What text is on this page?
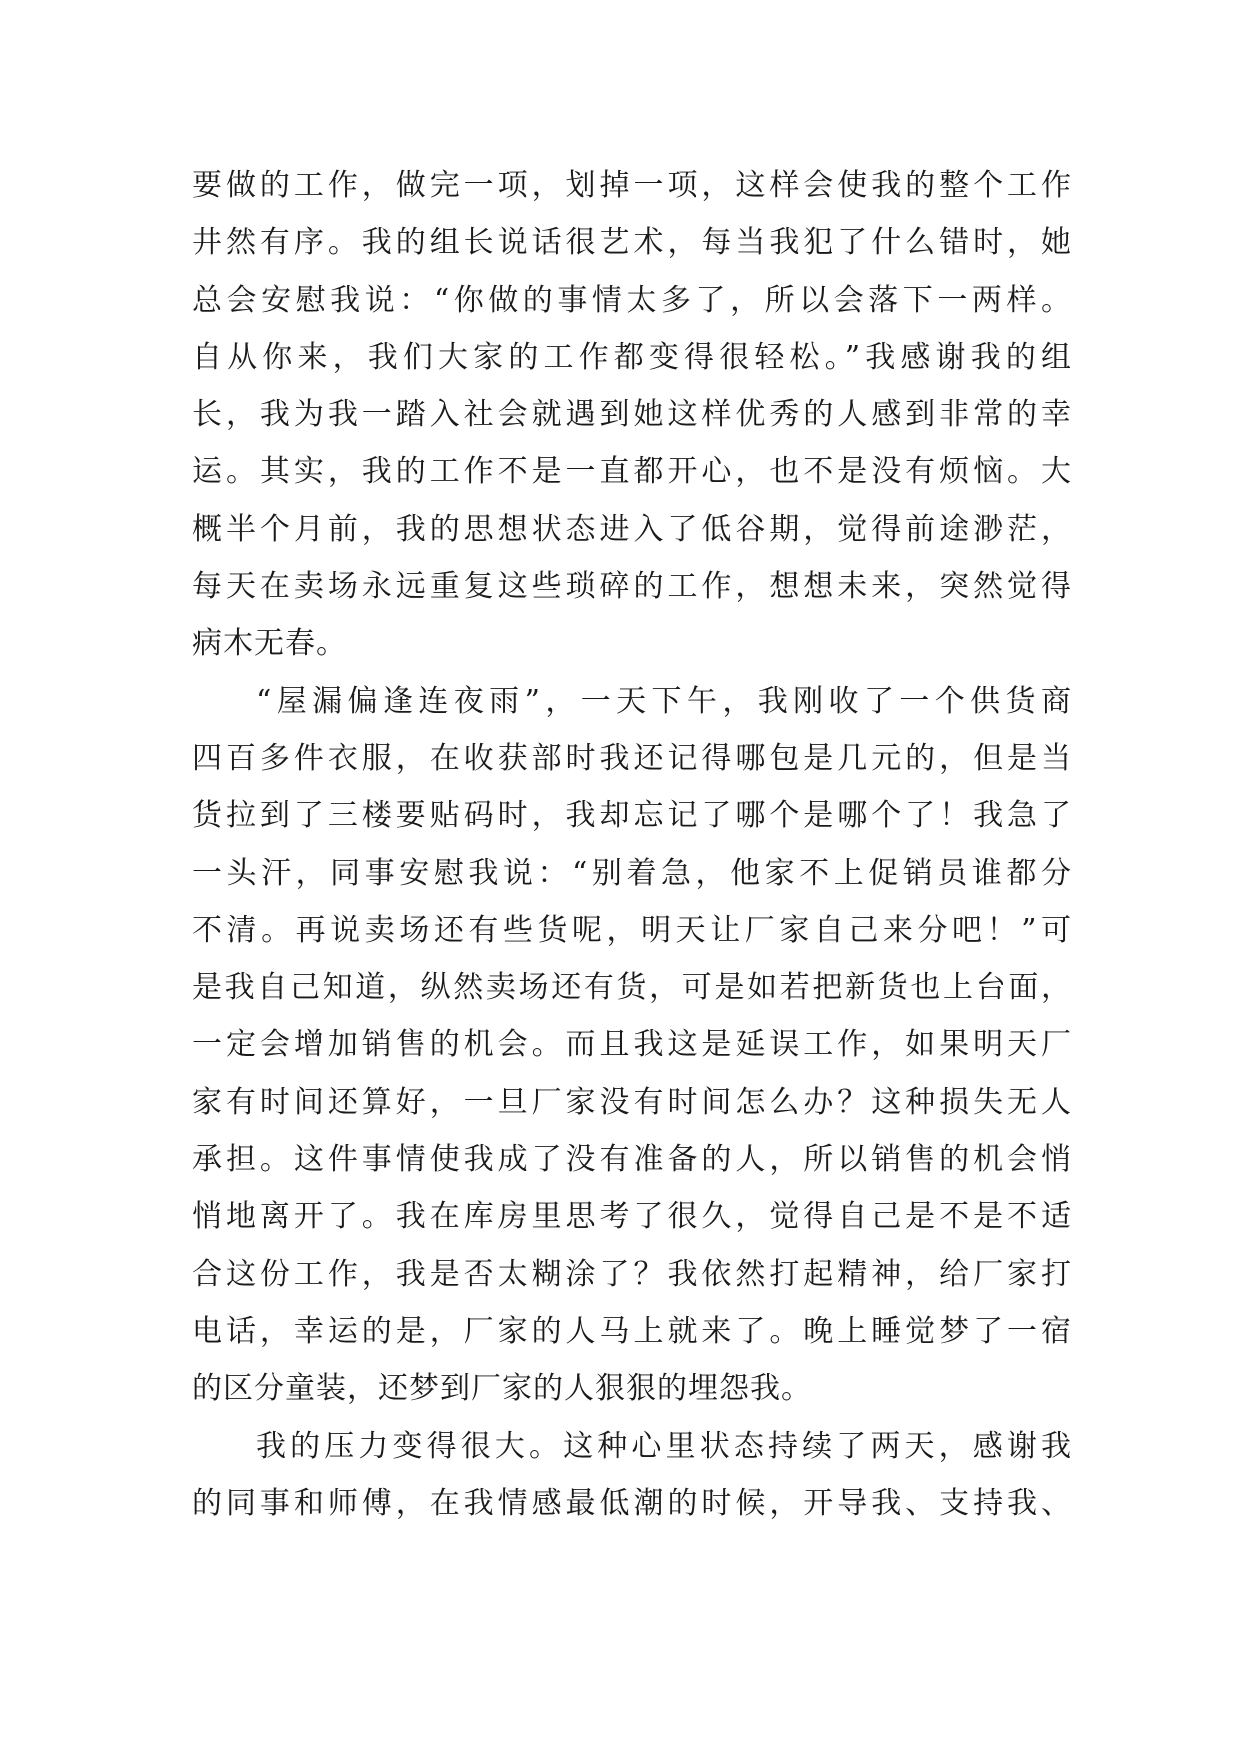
要做的工作，做完一项，划掉一项，这样会使我的整个工作
井然有序。我的组长说话很艺术，每当我犯了什么错时，她
总会安慰我说：“你做的事情太多了，所以会落下一两样。
自从你来，我们大家的工作都变得很轻松。”我感谢我的组
长，我为我一踏入社会就遇到她这样优秀的人感到非常的幸
运。其实，我的工作不是一直都开心，也不是没有烦恼。大
概半个月前，我的思想状态进入了低谷期，觉得前途渺茫，
每天在卖场永远重复这些琐碎的工作，想想未来，突然觉得
病木无春。
“屋漏偏逢连夜雨”，一天下午，我刚收了一个供货商
四百多件衣服，在收获部时我还记得哪包是几元的，但是当
货拉到了三楼要贴码时，我却忘记了哪个是哪个了！我急了
一头汗，同事安慰我说：“别着急，他家不上促销员谁都分
不清。再说卖场还有些货呢，明天让厂家自己来分吧！”可
是我自己知道，纵然卖场还有货，可是如若把新货也上台面，
一定会增加销售的机会。而且我这是延误工作，如果明天厂
家有时间还算好，一旦厂家没有时间怎么办？这种损失无人
承担。这件事情使我成了没有准备的人，所以销售的机会悄
悄地离开了。我在库房里思考了很久，觉得自己是不是不适
合这份工作，我是否太糊涂了？我依然打起精神，给厂家打
电话，幸运的是，厂家的人马上就来了。晚上睡觉梦了一宿
的区分童装，还梦到厂家的人狠狠的埋怨我。
我的压力变得很大。这种心里状态持续了两天，感谢我
的同事和师傅，在我情感最低潮的时候，开导我、支持我、
